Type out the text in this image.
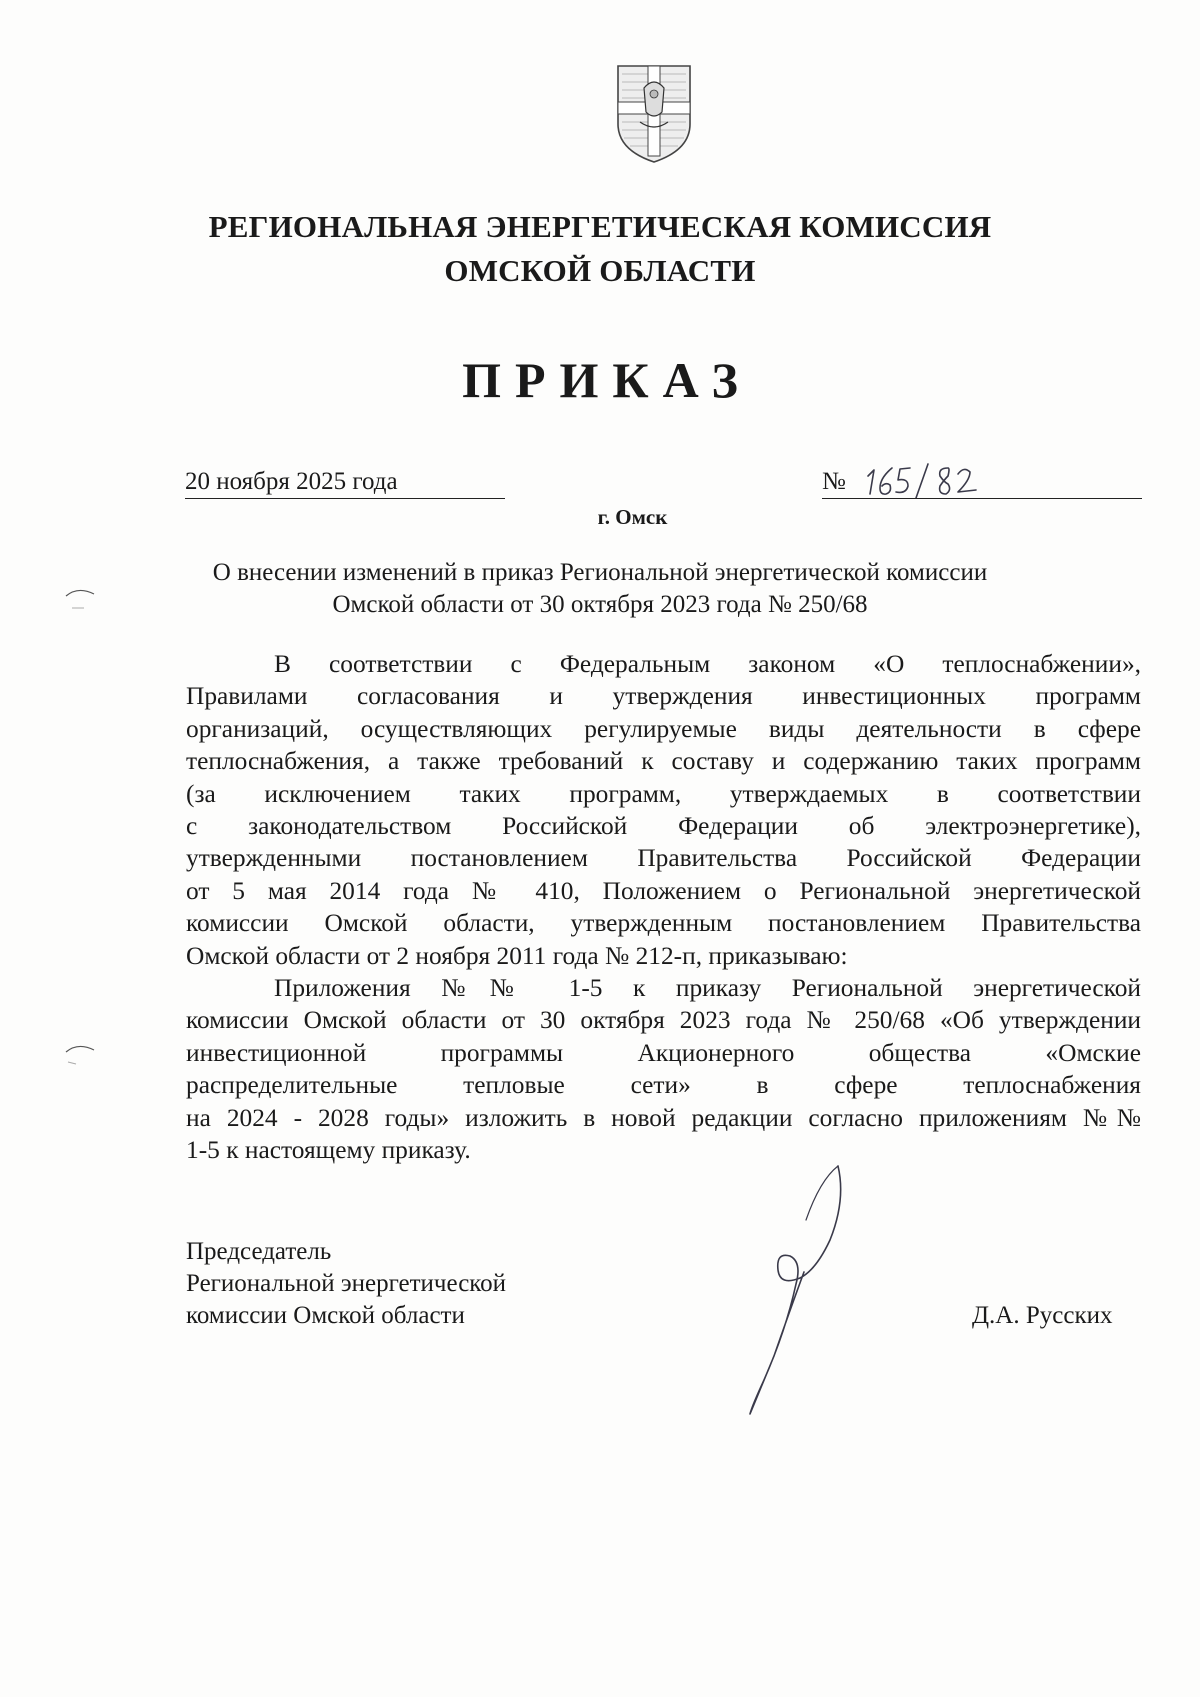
РЕГИОНАЛЬНАЯ ЭНЕРГЕТИЧЕСКАЯ КОМИССИЯ
ОМСКОЙ ОБЛАСТИ
ПРИКАЗ
20 ноября 2025 года	№
г. Омск
О внесении изменений в приказ Региональной энергетической комиссии
Омской области от 30 октября 2023 года № 250/68
В соответствии с Федеральным законом «О теплоснабжении»,
Правилами согласования и утверждения инвестиционных программ
организаций, осуществляющих регулируемые виды деятельности в сфере
теплоснабжения, а также требований к составу и содержанию таких программ
(за исключением таких программ, утверждаемых в соответствии
с законодательством Российской Федерации об электроэнергетике),
утвержденными постановлением Правительства Российской Федерации
от 5 мая 2014 года № 410, Положением о Региональной энергетической
комиссии Омской области, утвержденным постановлением Правительства
Омской области от 2 ноября 2011 года № 212-п, приказываю:
Приложения №№ 1-5 к приказу Региональной энергетической
комиссии Омской области от 30 октября 2023 года № 250/68 «Об утверждении
инвестиционной программы Акционерного общества «Омские
распределительные тепловые сети» в сфере теплоснабжения
на 2024 - 2028 годы» изложить в новой редакции согласно приложениям №№
1-5 к настоящему приказу.
Председатель
Региональной энергетической
комиссии Омской области	Д.А. Русских
